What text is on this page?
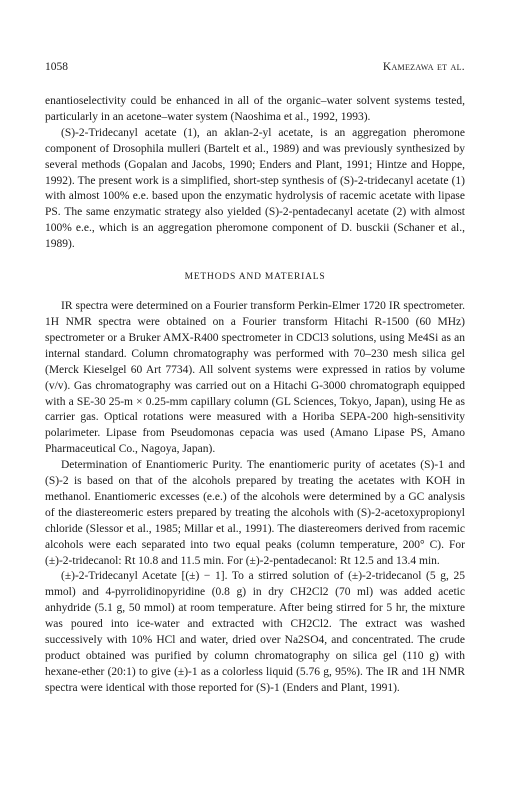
1058	Kamezawa et al.

enantioselectivity could be enhanced in all of the organic–water solvent systems tested, particularly in an acetone–water system (Naoshima et al., 1992, 1993).

(S)-2-Tridecanyl acetate (1), an aklan-2-yl acetate, is an aggregation pheromone component of Drosophila mulleri (Bartelt et al., 1989) and was previously synthesized by several methods (Gopalan and Jacobs, 1990; Enders and Plant, 1991; Hintze and Hoppe, 1992). The present work is a simplified, short-step synthesis of (S)-2-tridecanyl acetate (1) with almost 100% e.e. based upon the enzymatic hydrolysis of racemic acetate with lipase PS. The same enzymatic strategy also yielded (S)-2-pentadecanyl acetate (2) with almost 100% e.e., which is an aggregation pheromone component of D. busckii (Schaner et al., 1989).

METHODS AND MATERIALS

IR spectra were determined on a Fourier transform Perkin-Elmer 1720 IR spectrometer. 1H NMR spectra were obtained on a Fourier transform Hitachi R-1500 (60 MHz) spectrometer or a Bruker AMX-R400 spectrometer in CDCl3 solutions, using Me4Si as an internal standard. Column chromatography was performed with 70–230 mesh silica gel (Merck Kieselgel 60 Art 7734). All solvent systems were expressed in ratios by volume (v/v). Gas chromatography was carried out on a Hitachi G-3000 chromatograph equipped with a SE-30 25-m × 0.25-mm capillary column (GL Sciences, Tokyo, Japan), using He as carrier gas. Optical rotations were measured with a Horiba SEPA-200 high-sensitivity polarimeter. Lipase from Pseudomonas cepacia was used (Amano Lipase PS, Amano Pharmaceutical Co., Nagoya, Japan).

Determination of Enantiomeric Purity. The enantiomeric purity of acetates (S)-1 and (S)-2 is based on that of the alcohols prepared by treating the acetates with KOH in methanol. Enantiomeric excesses (e.e.) of the alcohols were determined by a GC analysis of the diastereomeric esters prepared by treating the alcohols with (S)-2-acetoxypropionyl chloride (Slessor et al., 1985; Millar et al., 1991). The diastereomers derived from racemic alcohols were each separated into two equal peaks (column temperature, 200° C). For (±)-2-tridecanol: Rt 10.8 and 11.5 min. For (±)-2-pentadecanol: Rt 12.5 and 13.4 min.

(±)-2-Tridecanyl Acetate [(±) − 1]. To a stirred solution of (±)-2-tridecanol (5 g, 25 mmol) and 4-pyrrolidinopyridine (0.8 g) in dry CH2Cl2 (70 ml) was added acetic anhydride (5.1 g, 50 mmol) at room temperature. After being stirred for 5 hr, the mixture was poured into ice-water and extracted with CH2Cl2. The extract was washed successively with 10% HCl and water, dried over Na2SO4, and concentrated. The crude product obtained was purified by column chromatography on silica gel (110 g) with hexane-ether (20:1) to give (±)-1 as a colorless liquid (5.76 g, 95%). The IR and 1H NMR spectra were identical with those reported for (S)-1 (Enders and Plant, 1991).
